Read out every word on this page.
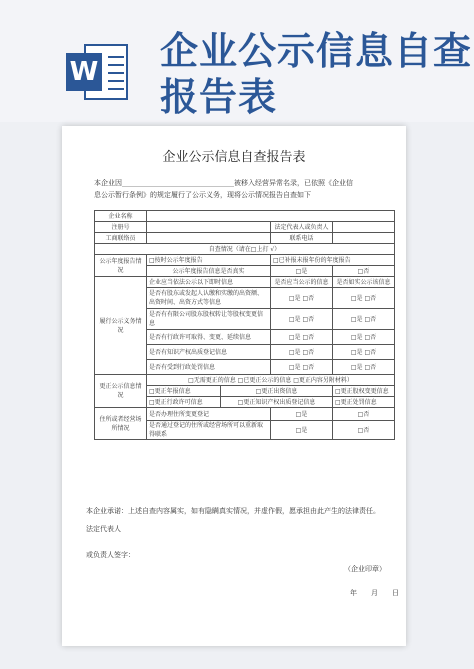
W 企业公示信息自查
报告表
企业公示信息自查报告表
本企业因________________________________被移入经营异常名录，已依照《企业信
息公示暂行条例》的规定履行了公示义务，现将公示情况报告自查如下
企业名称				
注册号			法定代表人或负责人	
工商联络员			联系电话	
自查情况（请在□上打 √）				
公示年度报告情况	□按时公示年度报告		□已补报未报年份的年度报告	
	公示年度报告信息是否真实		□是	□否
履行公示义务情况	企业应当依法公示以下即时信息		是否应当公示的信息	是否如实公示该信息
	是否有股东或发起人认缴和实缴的出资额、出资时间、出资方式等信息		□是 □否	□是 □否
	是否有有限公司股东股权转让等股权变更信息		□是 □否	□是 □否
	是否有行政许可取得、变更、延续信息		□是 □否	□是 □否
	是否有知识产权出质登记信息		□是 □否	□是 □否
	是否有受到行政处罚信息		□是 □否	□是 □否
更正公示信息情况	□无需更正的信息 □已更正公示的信息 □更正内容另附材料）			
	□更正年报信息	□更正出资信息		□更正股权变更信息
	□更正行政许可信息	□更正知识产权出质登记信息		□更正处罚信息
住所或者经营场所情况	是否办理住所变更登记		□是	□否
	是否通过登记的住所或经营场所可以重新取得联系		□是	□否
本企业承诺：上述自查内容属实，如有隐瞒真实情况，并虚作假，愿承担由此产生的法律责任。
法定代表人
或负责人签字：
（企业印章）
年　　月　　日
